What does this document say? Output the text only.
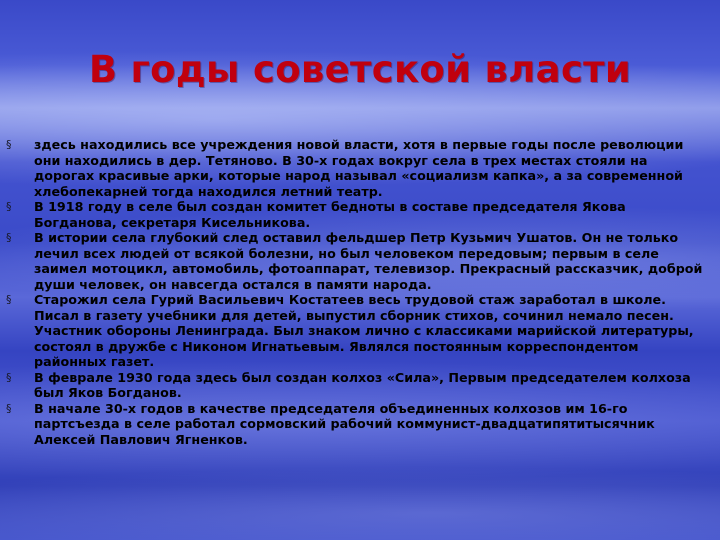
В годы советской власти
§ здесь находились все учреждения новой власти, хотя в первые годы после революции они находились в дер. Тетяново. В 30-х годах вокруг села в трех местах стояли на дорогах красивые арки, которые народ называл «социализм капка», а за современной хлебопекарней тогда находился летний театр.
§ В 1918 году в селе был создан комитет бедноты в составе председателя Якова Богданова, секретаря Кисельникова.
§ В истории села глубокий след оставил фельдшер Петр Кузьмич Ушатов. Он не только лечил всех людей от всякой болезни, но был человеком передовым; первым в селе заимел мотоцикл, автомобиль, фотоаппарат, телевизор. Прекрасный рассказчик, доброй души человек, он навсегда остался в памяти народа.
§ Старожил села Гурий Васильевич Костатеев весь трудовой стаж заработал в школе. Писал в газету учебники для детей, выпустил сборник стихов, сочинил немало песен. Участник обороны Ленинграда. Был знаком лично с классиками марийской литературы, состоял в дружбе с Никоном Игнатьевым. Являлся постоянным корреспондентом районных газет.
§ В феврале 1930 года здесь был создан колхоз «Сила», Первым председателем колхоза был Яков Богданов.
§ В начале 30-х годов в качестве председателя объединенных колхозов им 16-го партсъезда в селе работал сормовский рабочий коммунист-двадцатипятитысячник Алексей Павлович Ягненков.
